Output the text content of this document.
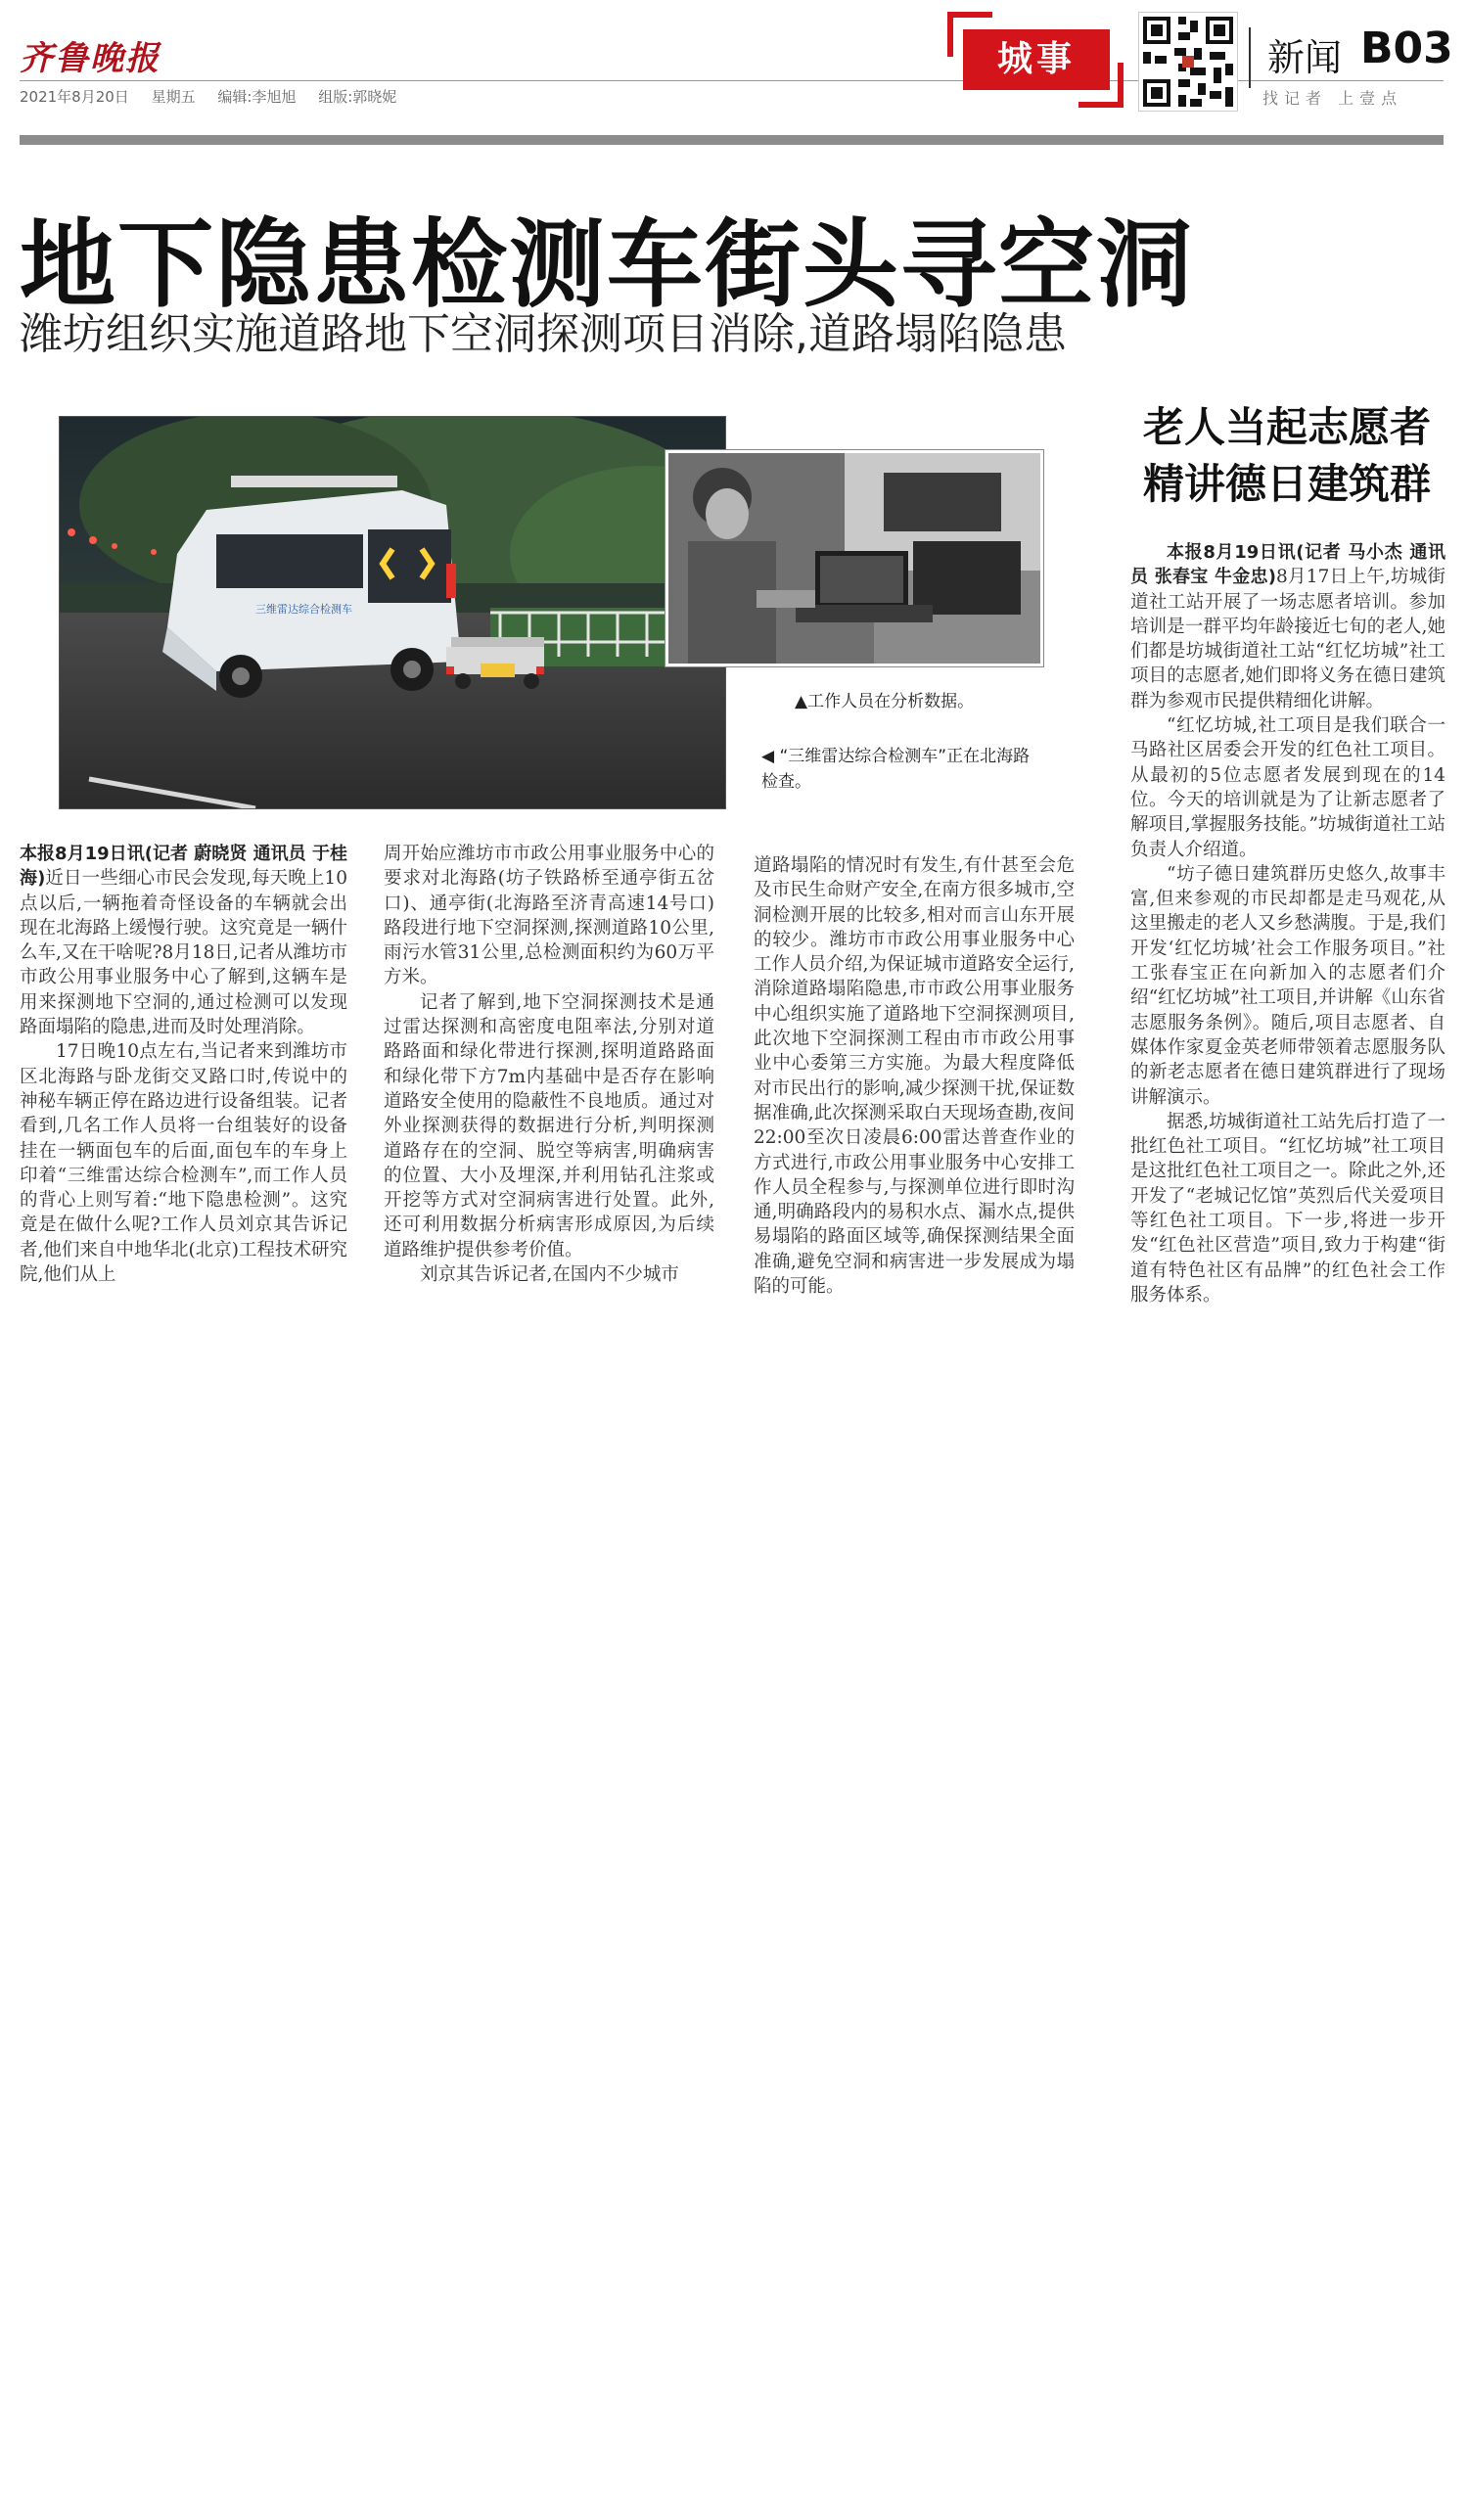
齐鲁晚报
2021年8月20日 星期五 编辑:李旭旭 组版:郭晓妮
城事	新闻 B03
找记者 上壹点
地下隐患检测车街头寻空洞
潍坊组织实施道路地下空洞探测项目消除,道路塌陷隐患
三维雷达综合检测车
▲工作人员在分析数据。
◀ “三维雷达综合检测车”正在北海路检查。
老人当起志愿者
精讲德日建筑群

本报8月19日讯(记者 蔚晓贤 通讯员 于桂海)近日一些细心市民会发现,每天晚上10点以后,一辆拖着奇怪设备的车辆就会出现在北海路上缓慢行驶。这究竟是一辆什么车,又在干啥呢?8月18日,记者从潍坊市市政公用事业服务中心了解到,这辆车是用来探测地下空洞的,通过检测可以发现路面塌陷的隐患,进而及时处理消除。

17日晚10点左右,当记者来到潍坊市区北海路与卧龙街交叉路口时,传说中的神秘车辆正停在路边进行设备组装。记者看到,几名工作人员将一台组装好的设备挂在一辆面包车的后面,面包车的车身上印着“三维雷达综合检测车”,而工作人员的背心上则写着:“地下隐患检测”。这究竟是在做什么呢?工作人员刘京其告诉记者,他们来自中地华北(北京)工程技术研究院,他们从上

周开始应潍坊市市政公用事业服务中心的要求对北海路(坊子铁路桥至通亭街五岔口)、通亭街(北海路至济青高速14号口)路段进行地下空洞探测,探测道路10公里,雨污水管31公里,总检测面积约为60万平方米。

记者了解到,地下空洞探测技术是通过雷达探测和高密度电阻率法,分别对道路路面和绿化带进行探测,探明道路路面和绿化带下方7m内基础中是否存在影响道路安全使用的隐蔽性不良地质。通过对外业探测获得的数据进行分析,判明探测道路存在的空洞、脱空等病害,明确病害的位置、大小及埋深,并利用钻孔注浆或开挖等方式对空洞病害进行处置。此外,还可利用数据分析病害形成原因,为后续道路维护提供参考价值。

刘京其告诉记者,在国内不少城市

道路塌陷的情况时有发生,有什甚至会危及市民生命财产安全,在南方很多城市,空洞检测开展的比较多,相对而言山东开展的较少。潍坊市市政公用事业服务中心工作人员介绍,为保证城市道路安全运行,消除道路塌陷隐患,市市政公用事业服务中心组织实施了道路地下空洞探测项目,此次地下空洞探测工程由市市政公用事业中心委第三方实施。为最大程度降低对市民出行的影响,减少探测干扰,保证数据准确,此次探测采取白天现场查勘,夜间22:00至次日凌晨6:00雷达普查作业的方式进行,市政公用事业服务中心安排工作人员全程参与,与探测单位进行即时沟通,明确路段内的易积水点、漏水点,提供易塌陷的路面区域等,确保探测结果全面准确,避免空洞和病害进一步发展成为塌陷的可能。

本报8月19日讯(记者 马小杰 通讯员 张春宝 牛金忠)8月17日上午,坊城街道社工站开展了一场志愿者培训。参加培训是一群平均年龄接近七旬的老人,她们都是坊城街道社工站“红忆坊城”社工项目的志愿者,她们即将义务在德日建筑群为参观市民提供精细化讲解。

“红忆坊城,社工项目是我们联合一马路社区居委会开发的红色社工项目。从最初的5位志愿者发展到现在的14位。今天的培训就是为了让新志愿者了解项目,掌握服务技能。”坊城街道社工站负责人介绍道。

“坊子德日建筑群历史悠久,故事丰富,但来参观的市民却都是走马观花,从这里搬走的老人又乡愁满腹。于是,我们开发‘红忆坊城’社会工作服务项目。”社工张春宝正在向新加入的志愿者们介绍“红忆坊城”社工项目,并讲解《山东省志愿服务条例》。随后,项目志愿者、自媒体作家夏金英老师带领着志愿服务队的新老志愿者在德日建筑群进行了现场讲解演示。

据悉,坊城街道社工站先后打造了一批红色社工项目。“红忆坊城”社工项目是这批红色社工项目之一。除此之外,还开发了“老城记忆馆”英烈后代关爱项目等红色社工项目。下一步,将进一步开发“红色社区营造”项目,致力于构建“街道有特色社区有品牌”的红色社会工作服务体系。
